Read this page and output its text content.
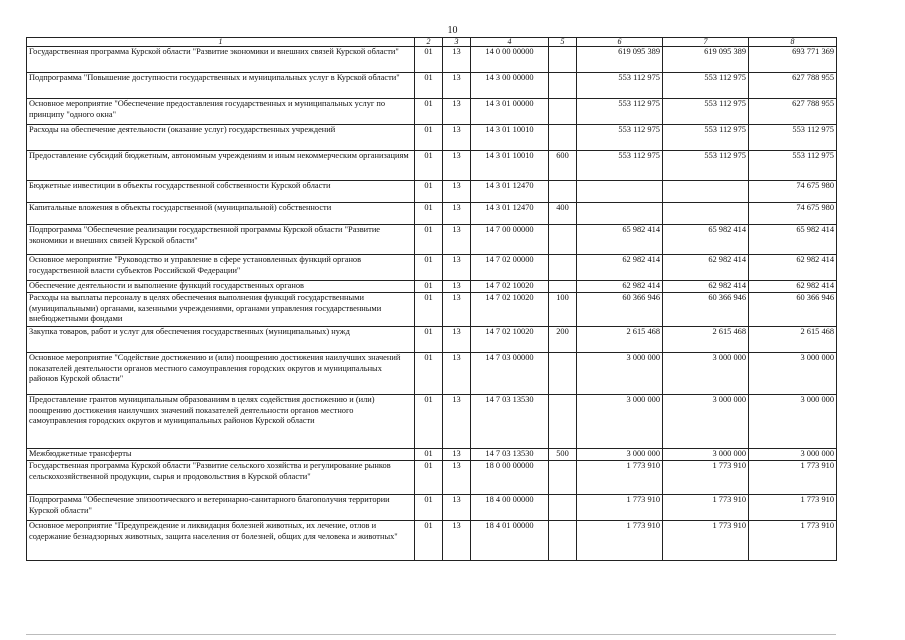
10
1	2	3	4	5	6	7	8
Государственная программа Курской области "Развитие экономики и внешних связей Курской области"	01	13	14 0 00 00000		619 095 389	619 095 389	693 771 369
Подпрограмма "Повышение доступности государственных и муниципальных услуг в Курской области"	01	13	14 3 00 00000		553 112 975	553 112 975	627 788 955
Основное мероприятие "Обеспечение предоставления государственных и муниципальных услуг по принципу "одного окна"	01	13	14 3 01 00000		553 112 975	553 112 975	627 788 955
Расходы на обеспечение деятельности (оказание услуг) государственных учреждений	01	13	14 3 01 10010		553 112 975	553 112 975	553 112 975
Предоставление субсидий бюджетным, автономным учреждениям и иным некоммерческим организациям	01	13	14 3 01 10010	600	553 112 975	553 112 975	553 112 975
Бюджетные инвестиции в объекты государственной собственности Курской области	01	13	14 3 01 12470				74 675 980
Капитальные вложения в объекты государственной (муниципальной) собственности	01	13	14 3 01 12470	400			74 675 980
Подпрограмма "Обеспечение реализации государственной программы Курской области "Развитие экономики и внешних связей Курской области"	01	13	14 7 00 00000		65 982 414	65 982 414	65 982 414
Основное мероприятие "Руководство и управление в сфере установленных функций органов государственной власти субъектов Российской Федерации"	01	13	14 7 02 00000		62 982 414	62 982 414	62 982 414
Обеспечение деятельности и выполнение функций государственных органов	01	13	14 7 02 10020		62 982 414	62 982 414	62 982 414
Расходы на выплаты персоналу в целях обеспечения выполнения функций государственными (муниципальными) органами, казенными учреждениями, органами управления государственными внебюджетными фондами	01	13	14 7 02 10020	100	60 366 946	60 366 946	60 366 946
Закупка товаров, работ и услуг для обеспечения государственных (муниципальных) нужд	01	13	14 7 02 10020	200	2 615 468	2 615 468	2 615 468
Основное мероприятие "Содействие достижению и (или) поощрению достижения наилучших значений показателей деятельности органов местного самоуправления городских округов и муниципальных районов Курской области"	01	13	14 7 03 00000		3 000 000	3 000 000	3 000 000
Предоставление грантов муниципальным образованиям в целях содействия достижению и (или) поощрению достижения наилучших значений показателей деятельности органов местного самоуправления городских округов и муниципальных районов Курской области	01	13	14 7 03 13530		3 000 000	3 000 000	3 000 000
Межбюджетные трансферты	01	13	14 7 03 13530	500	3 000 000	3 000 000	3 000 000
Государственная программа Курской области "Развитие сельского хозяйства и регулирование рынков сельскохозяйственной продукции, сырья и продовольствия в Курской области"	01	13	18 0 00 00000		1 773 910	1 773 910	1 773 910
Подпрограмма "Обеспечение эпизоотического и ветеринарно-санитарного благополучия территории Курской области"	01	13	18 4 00 00000		1 773 910	1 773 910	1 773 910
Основное мероприятие "Предупреждение и ликвидация болезней животных, их лечение, отлов и содержание безнадзорных животных, защита населения от болезней, общих для человека и животных"	01	13	18 4 01 00000		1 773 910	1 773 910	1 773 910
